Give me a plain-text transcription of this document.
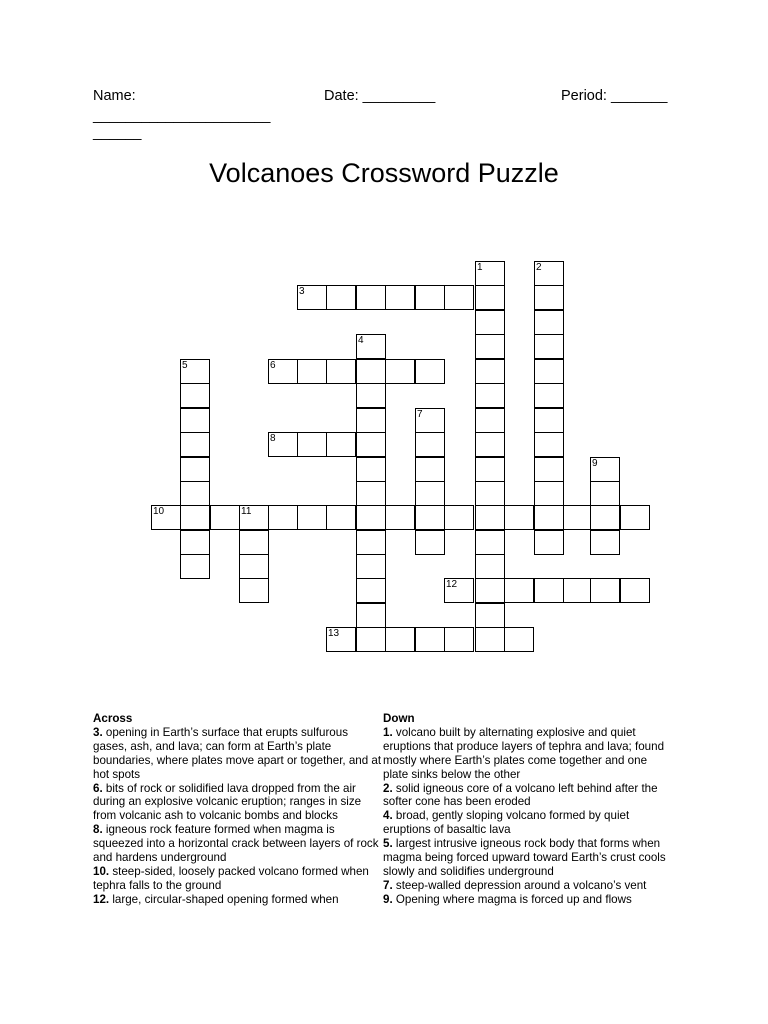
Name:
______________________
______
Date: _________	Period: _______
Volcanoes Crossword Puzzle
1	2
3
4
5	6
7
8
9
10	11
12
13
Across

3. opening in Earth’s surface that erupts sulfurous gases, ash, and lava; can form at Earth’s plate boundaries, where plates move apart or together, and at hot spots

6. bits of rock or solidified lava dropped from the air during an explosive volcanic eruption; ranges in size from volcanic ash to volcanic bombs and blocks

8. igneous rock feature formed when magma is squeezed into a horizontal crack between layers of rock and hardens underground

10. steep-sided, loosely packed volcano formed when tephra falls to the ground

12. large, circular-shaped opening formed when

Down

1. volcano built by alternating explosive and quiet eruptions that produce layers of tephra and lava; found mostly where Earth’s plates come together and one plate sinks below the other

2. solid igneous core of a volcano left behind after the softer cone has been eroded

4. broad, gently sloping volcano formed by quiet eruptions of basaltic lava

5. largest intrusive igneous rock body that forms when magma being forced upward toward Earth’s crust cools slowly and solidifies underground

7. steep-walled depression around a volcano’s vent

9. Opening where magma is forced up and flows
